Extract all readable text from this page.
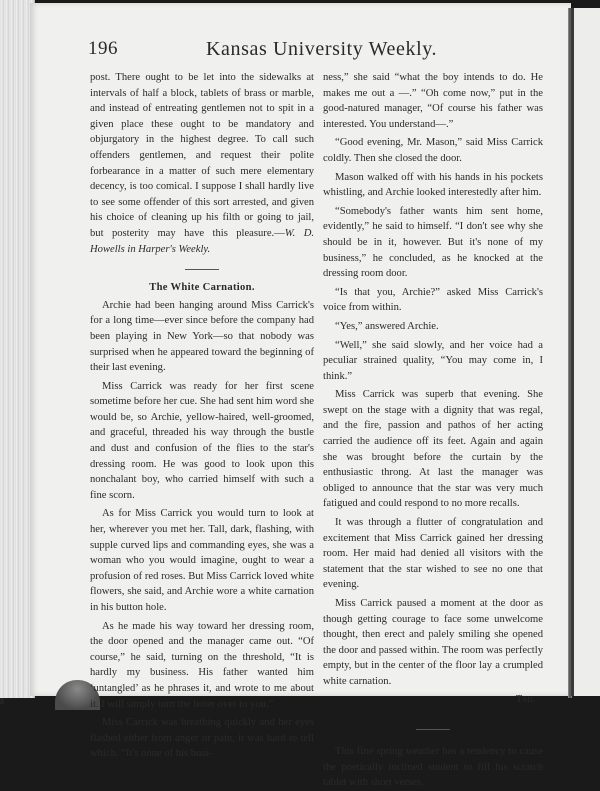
196	Kansas University Weekly.

post. There ought to be let into the sidewalks at intervals of half a block, tablets of brass or marble, and instead of entreating gentlemen not to spit in a given place these ought to be mandatory and objurgatory in the highest degree. To call such offenders gentlemen, and request their polite forbearance in a matter of such mere elementary decency, is too comical. I suppose I shall hardly live to see some offender of this sort arrested, and given his choice of cleaning up his filth or going to jail, but posterity may have this pleasure.—W. D. Howells in Harper's Weekly.

The White Carnation.

Archie had been hanging around Miss Carrick's for a long time—ever since before the company had been playing in New York—so that nobody was surprised when he appeared toward the beginning of their last evening.

Miss Carrick was ready for her first scene sometime before her cue. She had sent him word she would be, so Archie, yellow-haired, well-groomed, and graceful, threaded his way through the bustle and dust and confusion of the flies to the star's dressing room. He was good to look upon this nonchalant boy, who carried himself with such a fine scorn.

As for Miss Carrick you would turn to look at her, wherever you met her. Tall, dark, flashing, with supple curved lips and commanding eyes, she was a woman who you would imagine, ought to wear a profusion of red roses. But Miss Carrick loved white flowers, she said, and Archie wore a white carnation in his button hole.

As he made his way toward her dressing room, the door opened and the manager came out. “Of course,” he said, turning on the threshold, “It is hardly my business. His father wanted him ‘untangled’ as he phrases it, and wrote to me about it. I will simply turn the letter over to you.”

Miss Carrick was breathing quickly and her eyes flashed either from anger or pain, it was hard to tell which. “It's none of his busi-

ness,” she said “what the boy intends to do. He makes me out a —.” “Oh come now,” put in the good-natured manager, “Of course his father was interested. You understand—.”

“Good evening, Mr. Mason,” said Miss Carrick coldly. Then she closed the door.

Mason walked off with his hands in his pockets whistling, and Archie looked interestedly after him.

“Somebody's father wants him sent home, evidently,” he said to himself. “I don't see why she should be in it, however. But it's none of my business,” he concluded, as he knocked at the dressing room door.

“Is that you, Archie?” asked Miss Carrick's voice from within.

“Yes,” answered Archie.

“Well,” she said slowly, and her voice had a peculiar strained quality, “You may come in, I think.”

Miss Carrick was superb that evening. She swept on the stage with a dignity that was regal, and the fire, passion and pathos of her acting carried the audience off its feet. Again and again she was brought before the curtain by the enthusiastic throng. At last the manager was obliged to announce that the star was very much fatigued and could respond to no more recalls.

It was through a flutter of congratulation and excitement that Miss Carrick gained her dressing room. Her maid had denied all visitors with the statement that the star wished to see no one that evening.

Miss Carrick paused a moment at the door as though getting courage to face some unwelcome thought, then erect and palely smiling she opened the door and passed within. The room was perfectly empty, but in the center of the floor lay a crumpled white carnation.

Tad.

This fine spring weather has a tendency to cause the poetically inclined student to fill his scratch tablet with short verses.
